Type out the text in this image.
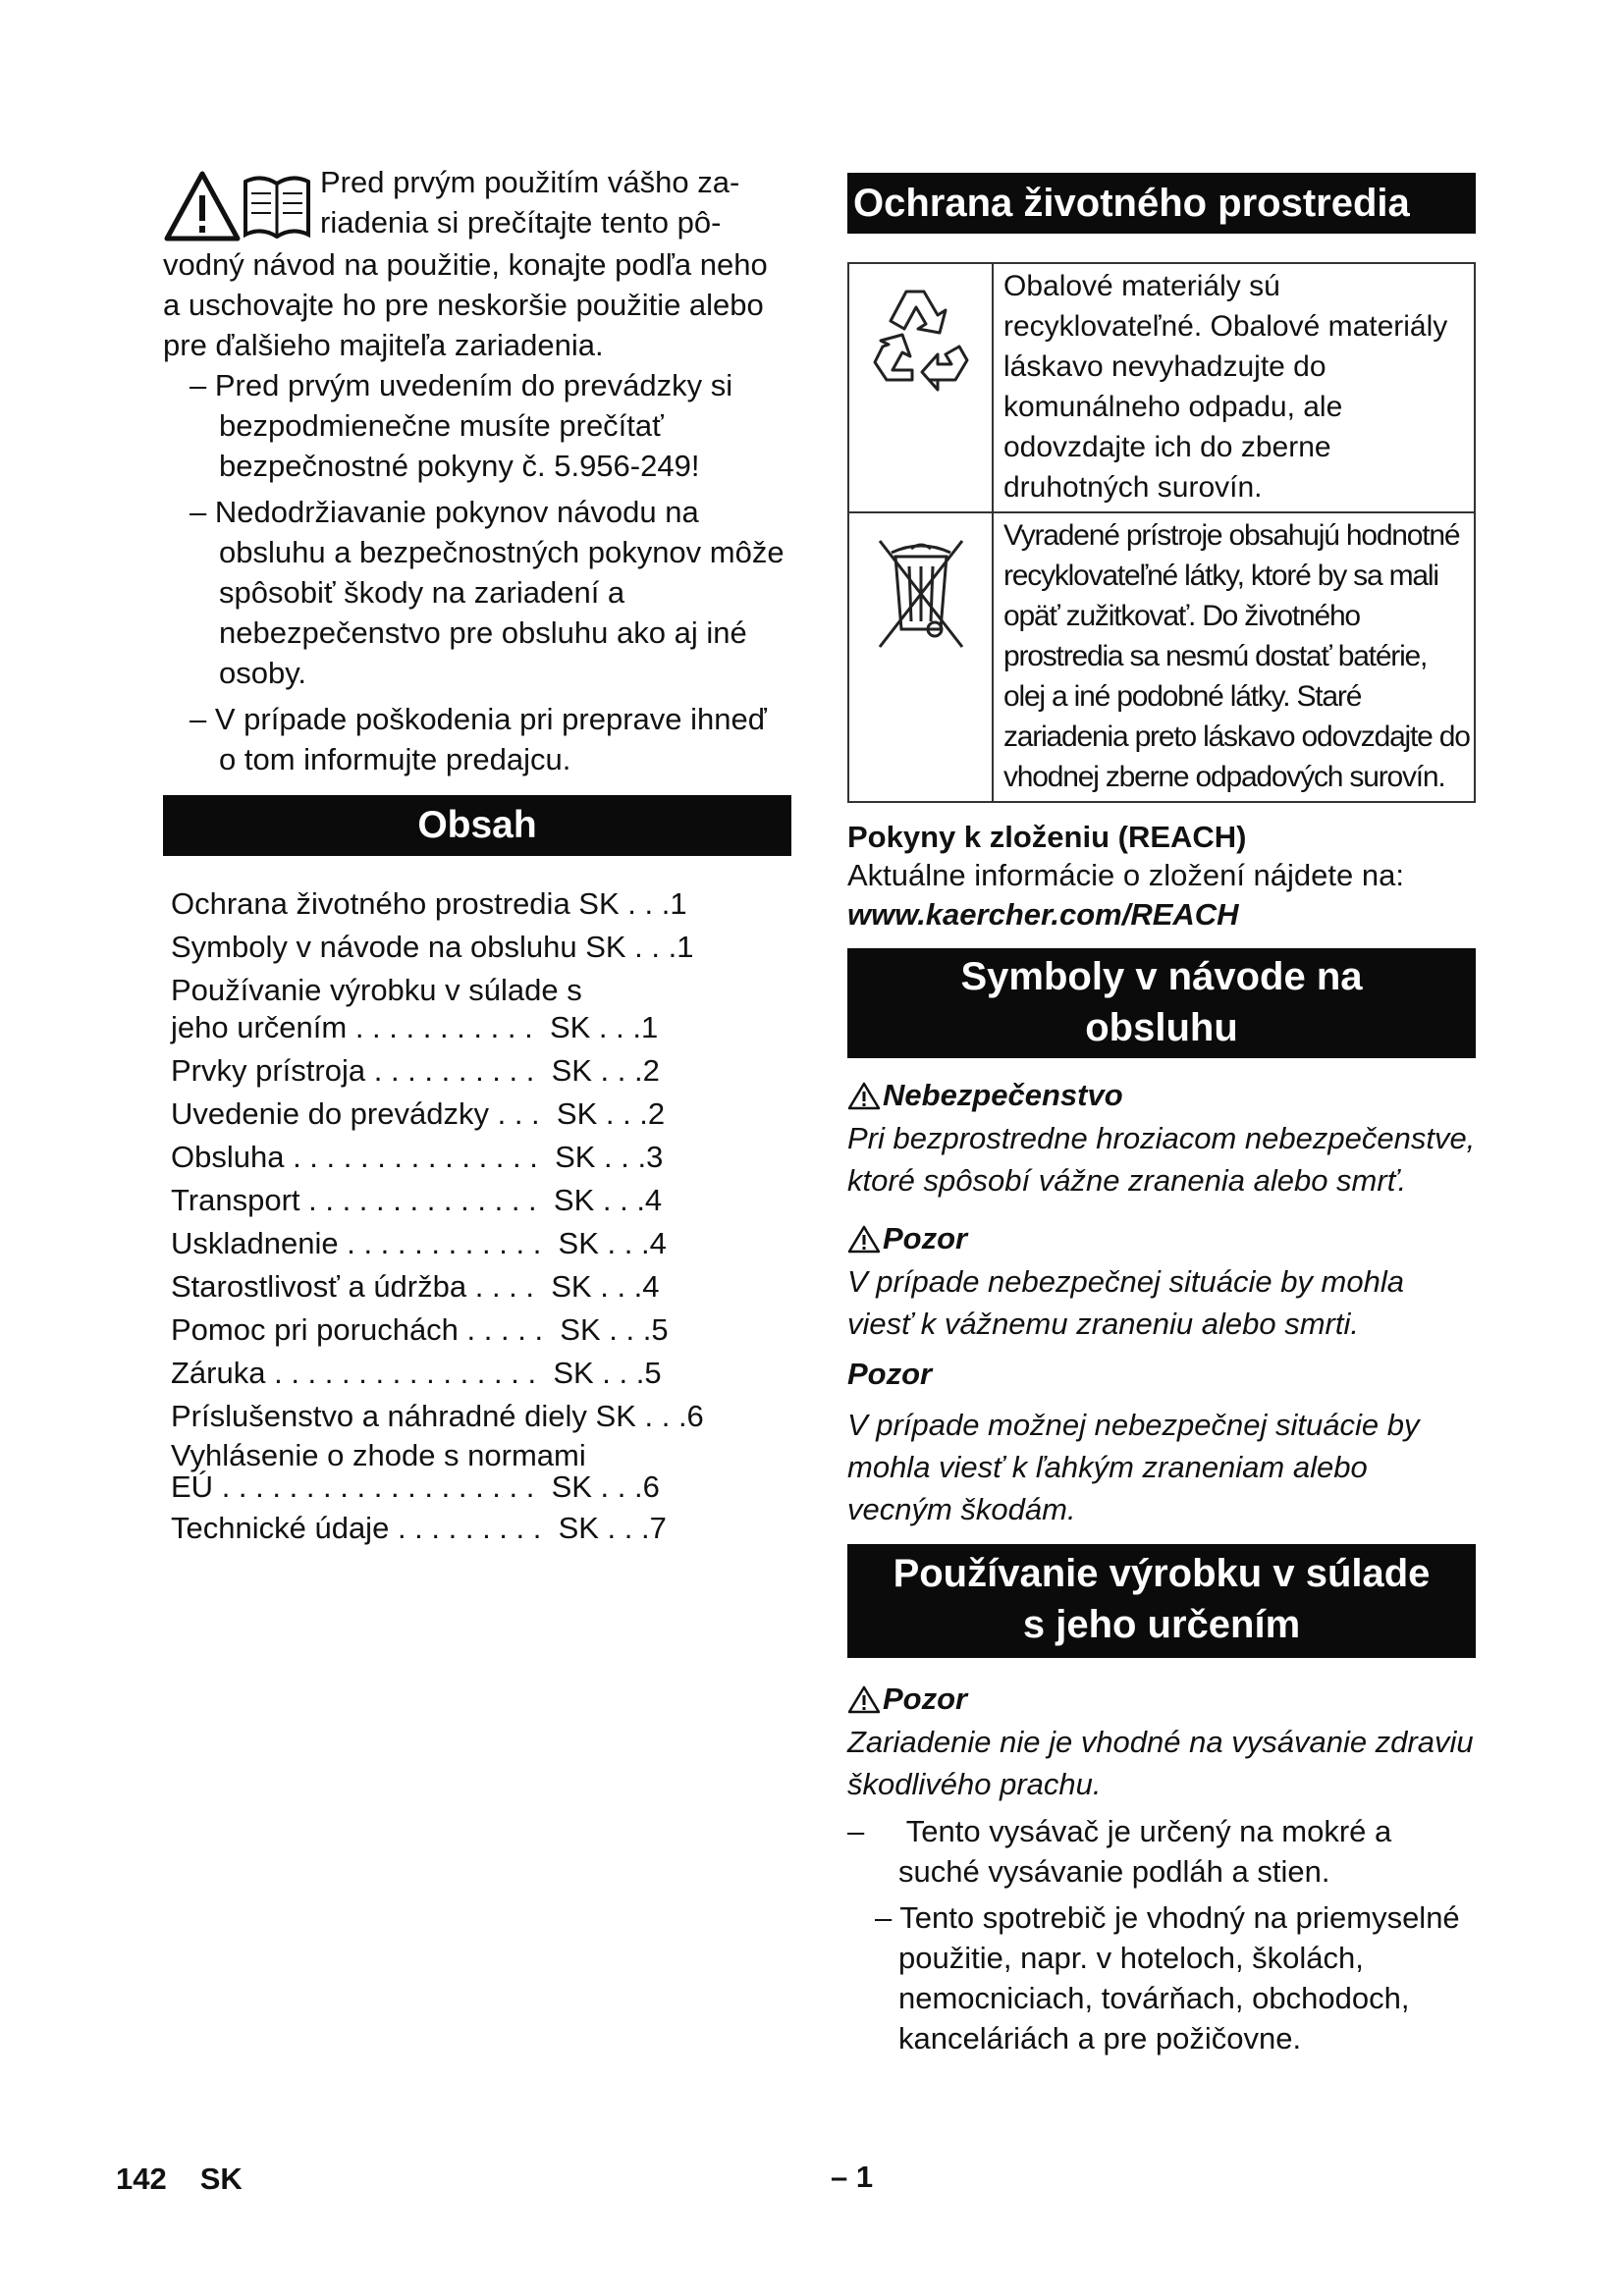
Pred prvým použitím vášho za-

riadenia si prečítajte tento pô-

vodný návod na použitie, konajte podľa neho a uschovajte ho pre neskoršie použitie alebo pre ďalšieho majiteľa zariadenia.

– Pred prvým uvedením do prevádzky si bezpodmienečne musíte prečítať bezpečnostné pokyny č. 5.956-249!

– Nedodržiavanie pokynov návodu na obsluhu a bezpečnostných pokynov môže spôsobiť škody na zariadení a nebezpečenstvo pre obsluhu ako aj iné osoby.

– V prípade poškodenia pri preprave ihneď o tom informujte predajcu.

Obsah
Ochrana životného prostredia SK . . .1
Symboly v návode na obsluhu SK . . .1
Používanie výrobku v súlade s
jeho určením . . . . . . . . . . . SK . . .1
Prvky prístroja . . . . . . . . . . SK . . .2
Uvedenie do prevádzky . . . SK . . .2
Obsluha . . . . . . . . . . . . . . . SK . . .3
Transport . . . . . . . . . . . . . . SK . . .4
Uskladnenie . . . . . . . . . . . . SK . . .4
Starostlivosť a údržba . . . . SK . . .4
Pomoc pri poruchách . . . . . SK . . .5
Záruka . . . . . . . . . . . . . . . . SK . . .5
Príslušenstvo a náhradné diely SK . . .6
Vyhlásenie o zhode s normami
EÚ . . . . . . . . . . . . . . . . . . . SK . . .6
Technické údaje . . . . . . . . . SK . . .7
Ochrana životného prostredia
	Obalové materiály sú recyklovateľné. Obalové materiály láskavo nevyhadzujte do komunálneho odpadu, ale odovzdajte ich do zberne druhotných surovín.
	Vyradené prístroje obsahujú hodnotné recyklovateľné látky, ktoré by sa mali opäť zužitkovať. Do životného prostredia sa nesmú dostať batérie, olej a iné podobné látky. Staré zariadenia preto láskavo odovzdajte do vhodnej zberne odpadových surovín.
Pokyny k zloženiu (REACH)
Aktuálne informácie o zložení nájdete na:
www.kaercher.com/REACH
Symboly v návode na obsluhu
Nebezpečenstvo

Pri bezprostredne hroziacom nebezpečenstve, ktoré spôsobí vážne zranenia alebo smrť.

Pozor

V prípade nebezpečnej situácie by mohla viesť k vážnemu zraneniu alebo smrti.

Pozor

V prípade možnej nebezpečnej situácie by mohla viesť k ľahkým zraneniam alebo vecným škodám.

Používanie výrobku v súlade
s jeho určením
Pozor

Zariadenie nie je vhodné na vysávanie zdraviu škodlivého prachu.

–     Tento vysávač je určený na mokré a suché vysávanie podláh a stien.

– Tento spotrebič je vhodný na priemyselné použitie, napr. v hoteloch, školách, nemocniciach, továrňach, obchodoch, kanceláriách a pre požičovne.

142 SK	– 1
